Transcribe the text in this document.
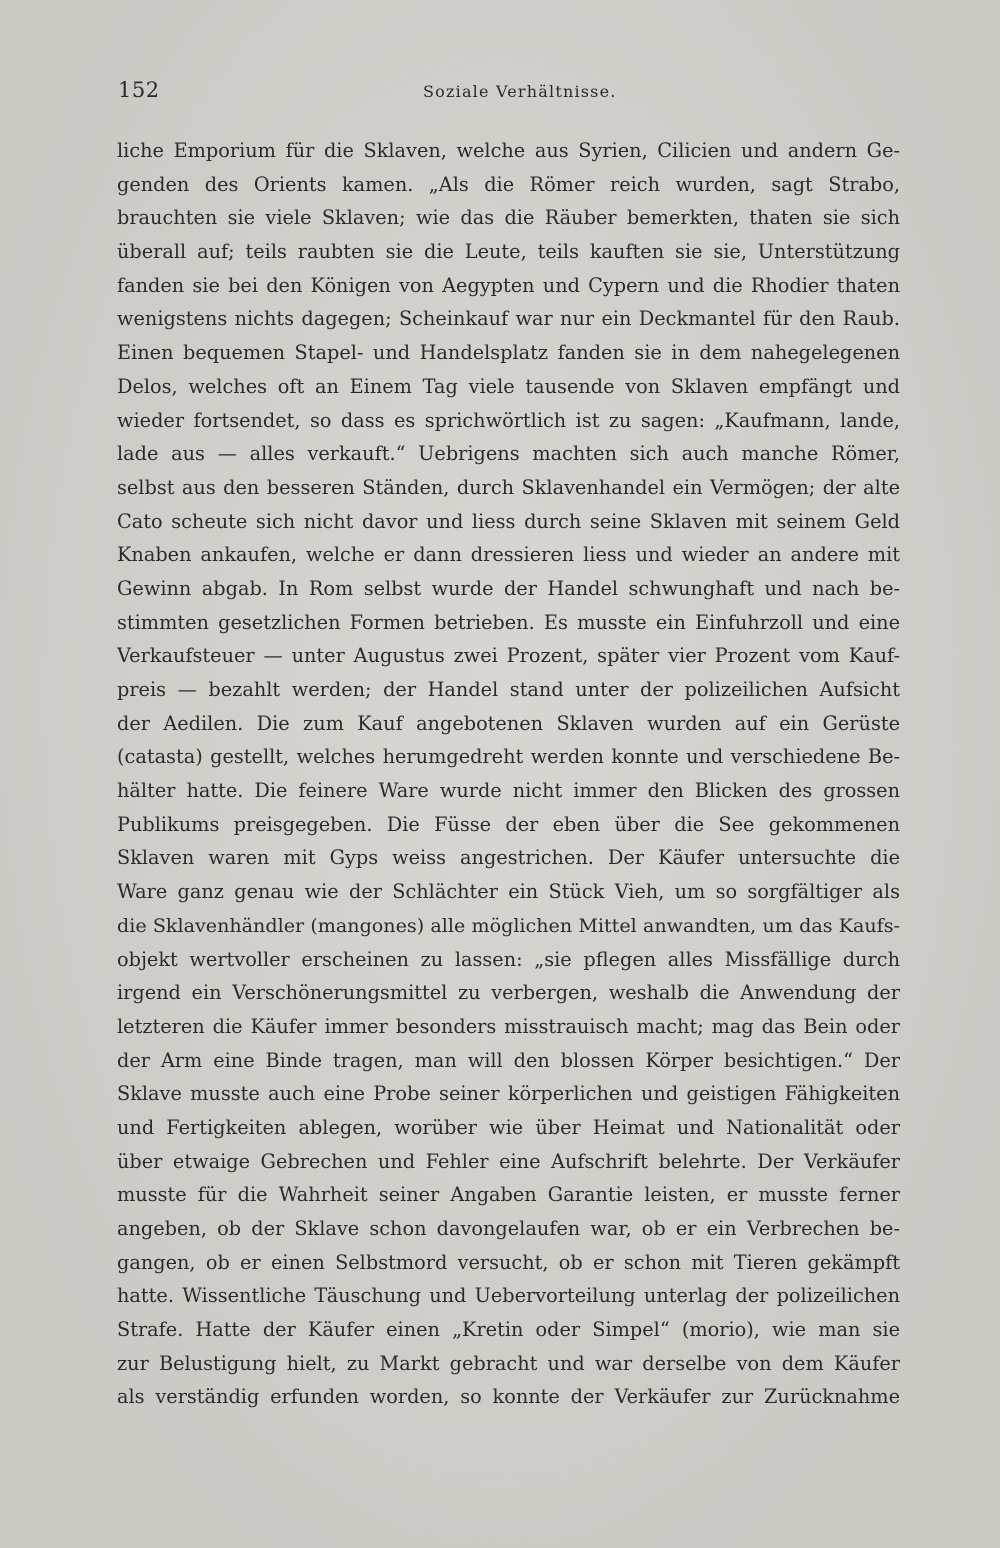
152	Soziale Verhältnisse.
liche Emporium für die Sklaven, welche aus Syrien, Cilicien und andern Ge-
genden des Orients kamen. „Als die Römer reich wurden, sagt Strabo,
brauchten sie viele Sklaven; wie das die Räuber bemerkten, thaten sie sich
überall auf; teils raubten sie die Leute, teils kauften sie sie, Unterstützung
fanden sie bei den Königen von Aegypten und Cypern und die Rhodier thaten
wenigstens nichts dagegen; Scheinkauf war nur ein Deckmantel für den Raub.
Einen bequemen Stapel- und Handelsplatz fanden sie in dem nahegelegenen
Delos, welches oft an Einem Tag viele tausende von Sklaven empfängt und
wieder fortsendet, so dass es sprichwörtlich ist zu sagen: „Kaufmann, lande,
lade aus — alles verkauft.“ Uebrigens machten sich auch manche Römer,
selbst aus den besseren Ständen, durch Sklavenhandel ein Vermögen; der alte
Cato scheute sich nicht davor und liess durch seine Sklaven mit seinem Geld
Knaben ankaufen, welche er dann dressieren liess und wieder an andere mit
Gewinn abgab. In Rom selbst wurde der Handel schwunghaft und nach be-
stimmten gesetzlichen Formen betrieben. Es musste ein Einfuhrzoll und eine
Verkaufsteuer — unter Augustus zwei Prozent, später vier Prozent vom Kauf-
preis — bezahlt werden; der Handel stand unter der polizeilichen Aufsicht
der Aedilen. Die zum Kauf angebotenen Sklaven wurden auf ein Gerüste
(catasta) gestellt, welches herumgedreht werden konnte und verschiedene Be-
hälter hatte. Die feinere Ware wurde nicht immer den Blicken des grossen
Publikums preisgegeben. Die Füsse der eben über die See gekommenen
Sklaven waren mit Gyps weiss angestrichen. Der Käufer untersuchte die
Ware ganz genau wie der Schlächter ein Stück Vieh, um so sorgfältiger als
die Sklavenhändler (mangones) alle möglichen Mittel anwandten, um das Kaufs-
objekt wertvoller erscheinen zu lassen: „sie pflegen alles Missfällige durch
irgend ein Verschönerungsmittel zu verbergen, weshalb die Anwendung der
letzteren die Käufer immer besonders misstrauisch macht; mag das Bein oder
der Arm eine Binde tragen, man will den blossen Körper besichtigen.“ Der
Sklave musste auch eine Probe seiner körperlichen und geistigen Fähigkeiten
und Fertigkeiten ablegen, worüber wie über Heimat und Nationalität oder
über etwaige Gebrechen und Fehler eine Aufschrift belehrte. Der Verkäufer
musste für die Wahrheit seiner Angaben Garantie leisten, er musste ferner
angeben, ob der Sklave schon davongelaufen war, ob er ein Verbrechen be-
gangen, ob er einen Selbstmord versucht, ob er schon mit Tieren gekämpft
hatte. Wissentliche Täuschung und Uebervorteilung unterlag der polizeilichen
Strafe. Hatte der Käufer einen „Kretin oder Simpel“ (morio), wie man sie
zur Belustigung hielt, zu Markt gebracht und war derselbe von dem Käufer
als verständig erfunden worden, so konnte der Verkäufer zur Zurücknahme
